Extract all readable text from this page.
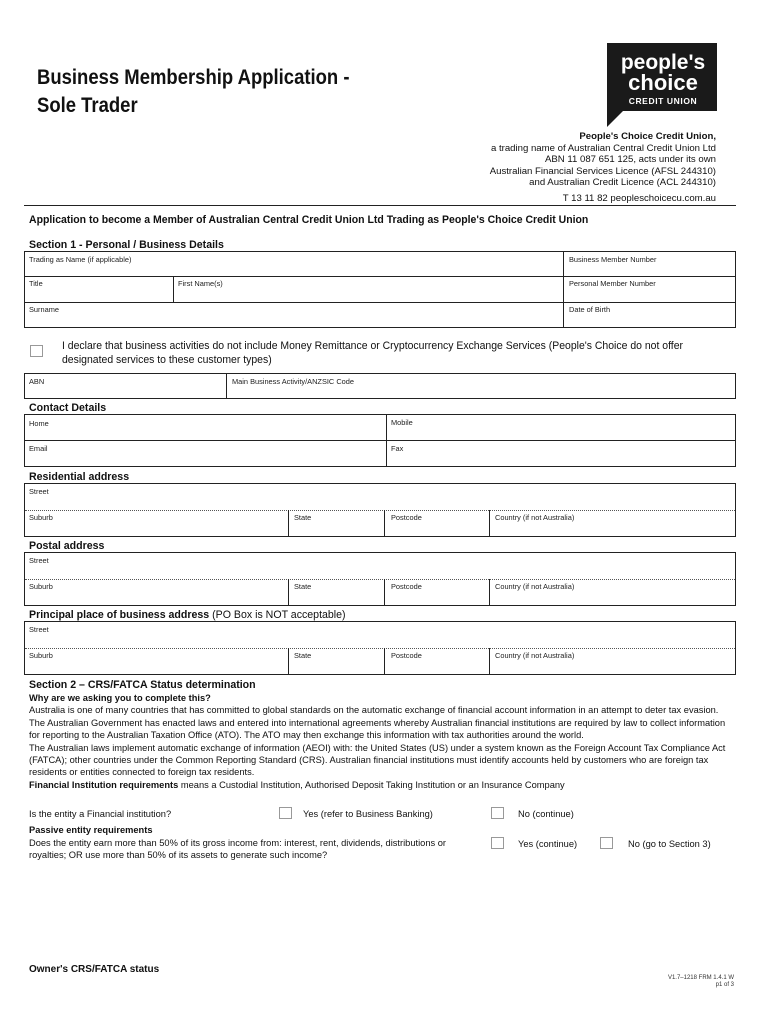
Business Membership Application -
Sole Trader
people's
choice
CREDIT UNION
People's Choice Credit Union,
a trading name of Australian Central Credit Union Ltd
ABN 11 087 651 125, acts under its own
Australian Financial Services Licence (AFSL 244310)
and Australian Credit Licence (ACL 244310)
T 13 11 82 peopleschoicecu.com.au
Application to become a Member of Australian Central Credit Union Ltd Trading as People's Choice Credit Union
Section 1 - Personal / Business Details
Trading as Name (if applicable)	Business Member Number
Title	First Name(s)	Personal Member Number
Surname	Date of Birth
I declare that business activities do not include Money Remittance or Cryptocurrency Exchange Services (People's Choice do not offer designated services to these customer types)
ABN	Main Business Activity/ANZSIC Code
Contact Details
Home	Mobile
Email	Fax
Residential address
Street
Suburb	State	Postcode	Country (if not Australia)
Postal address
Street
Suburb	State	Postcode	Country (if not Australia)
Principal place of business address (PO Box is NOT acceptable)
Street
Suburb	State	Postcode	Country (if not Australia)
Section 2 – CRS/FATCA Status determination
Why are we asking you to complete this?
Australia is one of many countries that has committed to global standards on the automatic exchange of financial account information in an attempt to deter tax evasion.
The Australian Government has enacted laws and entered into international agreements whereby Australian financial institutions are required by law to collect information for reporting to the Australian Taxation Office (ATO). The ATO may then exchange this information with tax authorities around the world.
The Australian laws implement automatic exchange of information (AEOI) with: the United States (US) under a system known as the Foreign Account Tax Compliance Act (FATCA); other countries under the Common Reporting Standard (CRS). Australian financial institutions must identify accounts held by customers who are foreign tax residents or entities connected to foreign tax residents.
Financial Institution requirements means a Custodial Institution, Authorised Deposit Taking Institution or an Insurance Company
Is the entity a Financial institution?	Yes (refer to Business Banking)	No (continue)
Passive entity requirements
Does the entity earn more than 50% of its gross income from: interest, rent, dividends, distributions or
royalties; OR use more than 50% of its assets to generate such income?
Yes (continue)	No (go to Section 3)
Owner's CRS/FATCA status
V1.7–1218 FRM 1.4.1 W
p1 of 3
